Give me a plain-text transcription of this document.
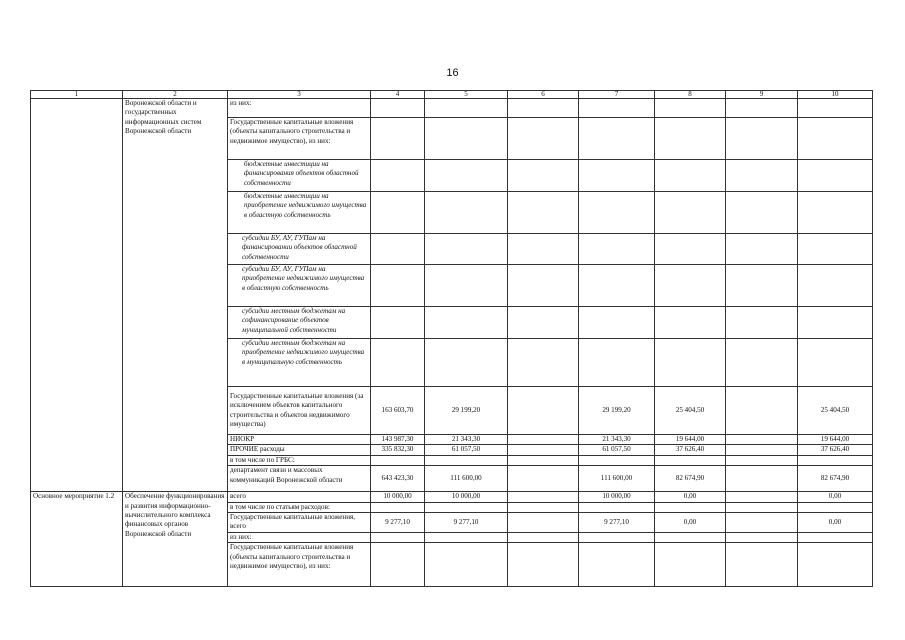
16
1	2	3	4	5	6	7	8	9	10
	Воронежской области и государственных информационных систем Воронежской области	из них:							
		Государственные капитальные вложения (объекты капитального строительства и недвижимое имущество), из них:							
		бюджетные инвестиции на финансирования объектов областной собственности							
		бюджетные инвестиции на приобретение недвижимого имущества в областную собственность							
		субсидии БУ, АУ, ГУПам на финансировании объектов областной собственности							
		субсидии БУ, АУ, ГУПам на приобретение недвижимого имущества в областную собственность							
		субсидии местным бюджетам на софинансирование объектов муниципальной собственности							
		субсидии местным бюджетам на приобретение недвижимого имущества в муниципальную собственность							
		Государственные капитальные вложения (за исключением объектов капитального строительства и объектов недвижимого имущества)	163 603,70	29 199,20		29 199,20	25 404,50		25 404,50
		НИОКР	143 987,30	21 343,30		21 343,30	19 644,00		19 644,00
		ПРОЧИЕ расходы	335 832,30	61 057,50		61 057,50	37 626,40		37 626,40
		в том числе по ГРБС:							
		департамент связи и массовых коммуникаций Воронежской области	643 423,30	111 600,00		111 600,00	82 674,90		82 674,90
Основное мероприятие 1.2	Обеспечение функционирования и развития информационно-вычислительного комплекса финансовых органов Воронежской области	всего	10 000,00	10 000,00		10 000,00	0,00		0,00
		в том числе по статьям расходов:							
		Государственные капитальные вложения, всего	9 277,10	9 277,10		9 277,10	0,00		0,00
		из них:							
		Государственные капитальные вложения (объекты капитального строительства и недвижимое имущество), из них:							
